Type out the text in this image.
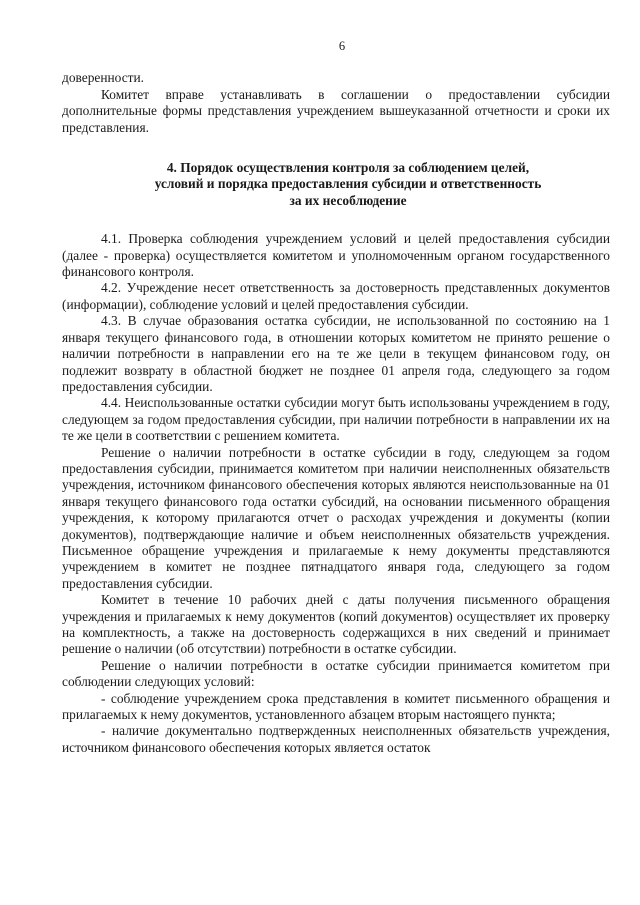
6

доверенности.

Комитет вправе устанавливать в соглашении о предоставлении субсидии дополнительные формы представления учреждением вышеуказанной отчетности и сроки их представления.

4. Порядок осуществления контроля за соблюдением целей,
условий и порядка предоставления субсидии и ответственность
за их несоблюдение

4.1. Проверка соблюдения учреждением условий и целей предоставления субсидии (далее - проверка) осуществляется комитетом и уполномоченным органом государственного финансового контроля.

4.2. Учреждение несет ответственность за достоверность представленных документов (информации), соблюдение условий и целей предоставления субсидии.

4.3. В случае образования остатка субсидии, не использованной по состоянию на 1 января текущего финансового года, в отношении которых комитетом не принято решение о наличии потребности в направлении его на те же цели в текущем финансовом году, он подлежит возврату в областной бюджет не позднее 01 апреля года, следующего за годом предоставления субсидии.

4.4. Неиспользованные остатки субсидии могут быть использованы учреждением в году, следующем за годом предоставления субсидии, при наличии потребности в направлении их на те же цели в соответствии с решением комитета.

Решение о наличии потребности в остатке субсидии в году, следующем за годом предоставления субсидии, принимается комитетом при наличии неисполненных обязательств учреждения, источником финансового обеспечения которых являются неиспользованные на 01 января текущего финансового года остатки субсидий, на основании письменного обращения учреждения, к которому прилагаются отчет о расходах учреждения и документы (копии документов), подтверждающие наличие и объем неисполненных обязательств учреждения. Письменное обращение учреждения и прилагаемые к нему документы представляются учреждением в комитет не позднее пятнадцатого января года, следующего за годом предоставления субсидии.

Комитет в течение 10 рабочих дней с даты получения письменного обращения учреждения и прилагаемых к нему документов (копий документов) осуществляет их проверку на комплектность, а также на достоверность содержащихся в них сведений и принимает решение о наличии (об отсутствии) потребности в остатке субсидии.

Решение о наличии потребности в остатке субсидии принимается комитетом при соблюдении следующих условий:

- соблюдение учреждением срока представления в комитет письменного обращения и прилагаемых к нему документов, установленного абзацем вторым настоящего пункта;

- наличие документально подтвержденных неисполненных обязательств учреждения, источником финансового обеспечения которых является остаток
